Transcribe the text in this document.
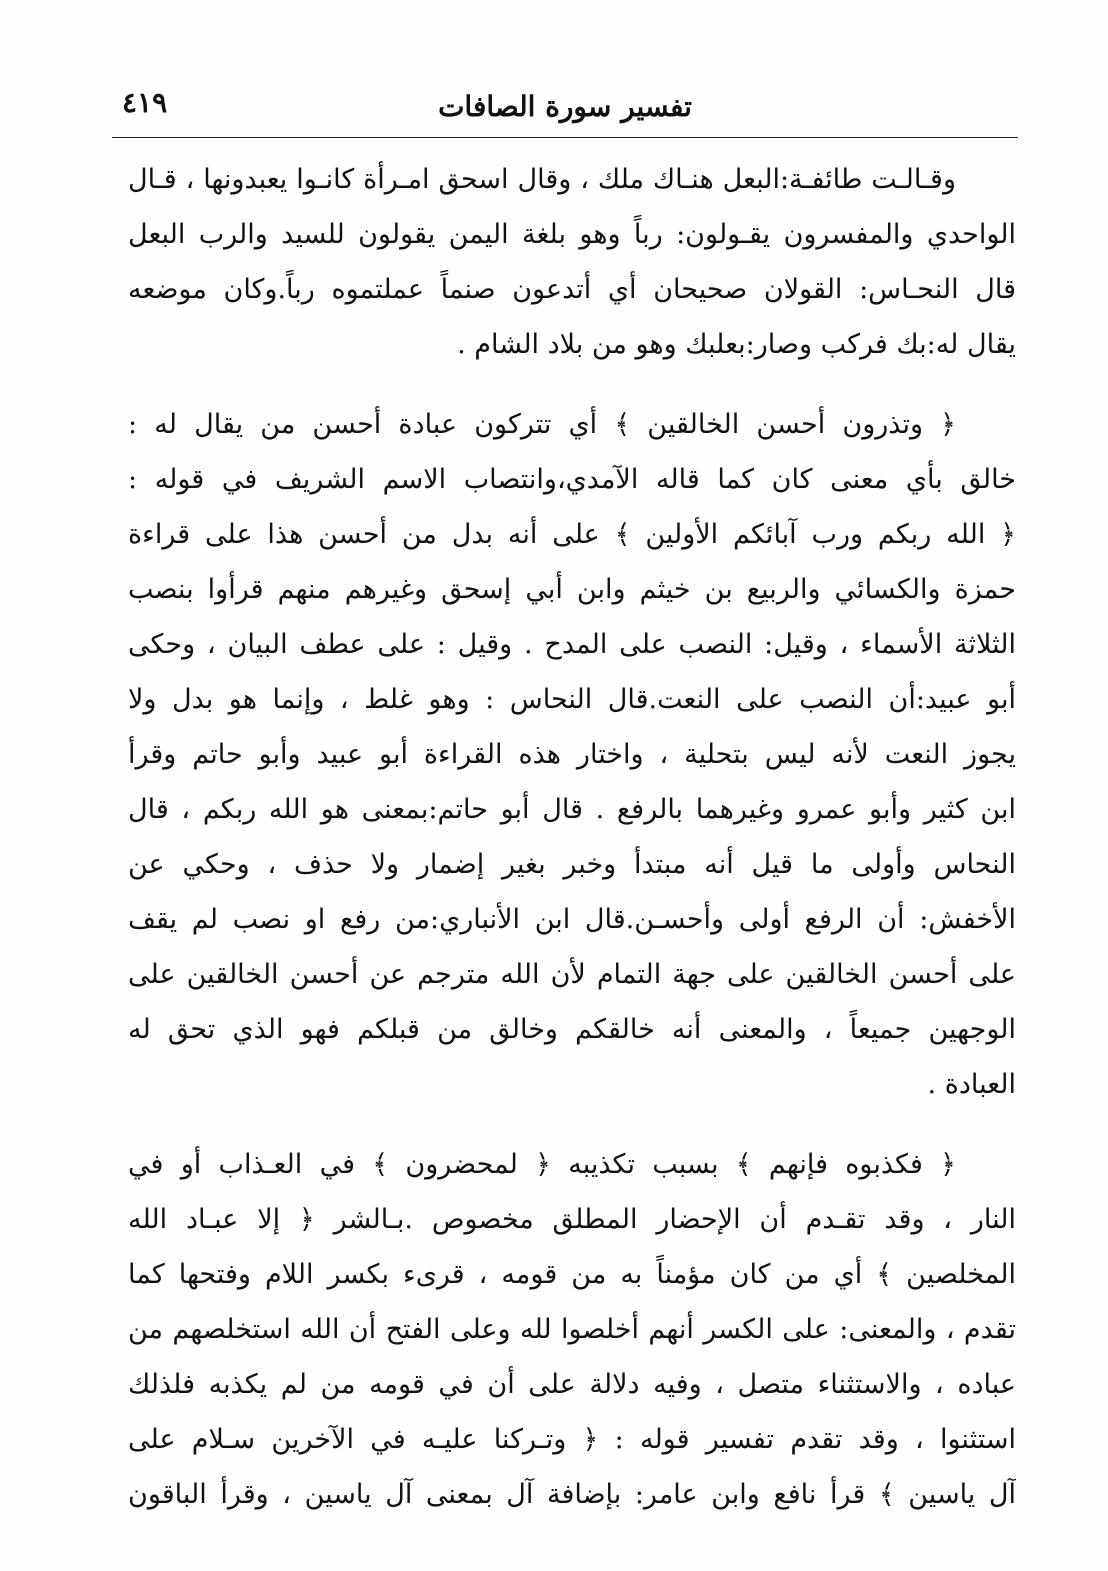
٤١٩	تفسير سورة الصافات
وقـالـت طائفـة:البعل هنـاك ملك ، وقال اسحق امـرأة كانـوا يعبدونها ، قـال
الواحدي والمفسرون يقـولون: رباً وهو بلغة اليمن يقولون للسيد والرب البعل
قال النحـاس: القولان صحيحان أي أتدعون صنماً عملتموه رباً.وكان موضعه
يقال له:بك فركب وصار:بعلبك وهو من بلاد الشام .
﴿ وتذرون أحسن الخالقين ﴾ أي تتركون عبادة أحسن من يقال له :
خالق بأي معنى كان كما قاله الآمدي،وانتصاب الاسم الشريف في قوله :
﴿ الله ربكم ورب آبائكم الأولين ﴾ على أنه بدل من أحسن هذا على قراءة
حمزة والكسائي والربيع بن خيثم وابن أبي إسحق وغيرهم منهم قرأوا بنصب
الثلاثة الأسماء ، وقيل: النصب على المدح . وقيل : على عطف البيان ، وحكى
أبو عبيد:أن النصب على النعت.قال النحاس : وهو غلط ، وإنما هو بدل ولا
يجوز النعت لأنه ليس بتحلية ، واختار هذه القراءة أبو عبيد وأبو حاتم وقرأ
ابن كثير وأبو عمرو وغيرهما بالرفع . قال أبو حاتم:بمعنى هو الله ربكم ، قال
النحاس وأولى ما قيل أنه مبتدأ وخبر بغير إضمار ولا حذف ، وحكي عن
الأخفش: أن الرفع أولى وأحسـن.قال ابن الأنباري:من رفع او نصب لم يقف
على أحسن الخالقين على جهة التمام لأن الله مترجم عن أحسن الخالقين على
الوجهين جميعاً ، والمعنى أنه خالقكم وخالق من قبلكم فهو الذي تحق له
العبادة .
﴿ فكذبوه فإنهم ﴾ بسبب تكذيبه ﴿ لمحضرون ﴾ في العـذاب أو في
النار ، وقد تقـدم أن الإحضار المطلق مخصوص .بـالشر ﴿ إلا عبـاد الله
المخلصين ﴾ أي من كان مؤمناً به من قومه ، قرىء بكسر اللام وفتحها كما
تقدم ، والمعنى: على الكسر أنهم أخلصوا لله وعلى الفتح أن الله استخلصهم من
عباده ، والاستثناء متصل ، وفيه دلالة على أن في قومه من لم يكذبه فلذلك
استثنوا ، وقد تقدم تفسير قوله : ﴿ وتـركنا عليـه في الآخرين سـلام على
آل ياسين ﴾ قرأ نافع وابن عامر: بإضافة آل بمعنى آل ياسين ، وقرأ الباقون
